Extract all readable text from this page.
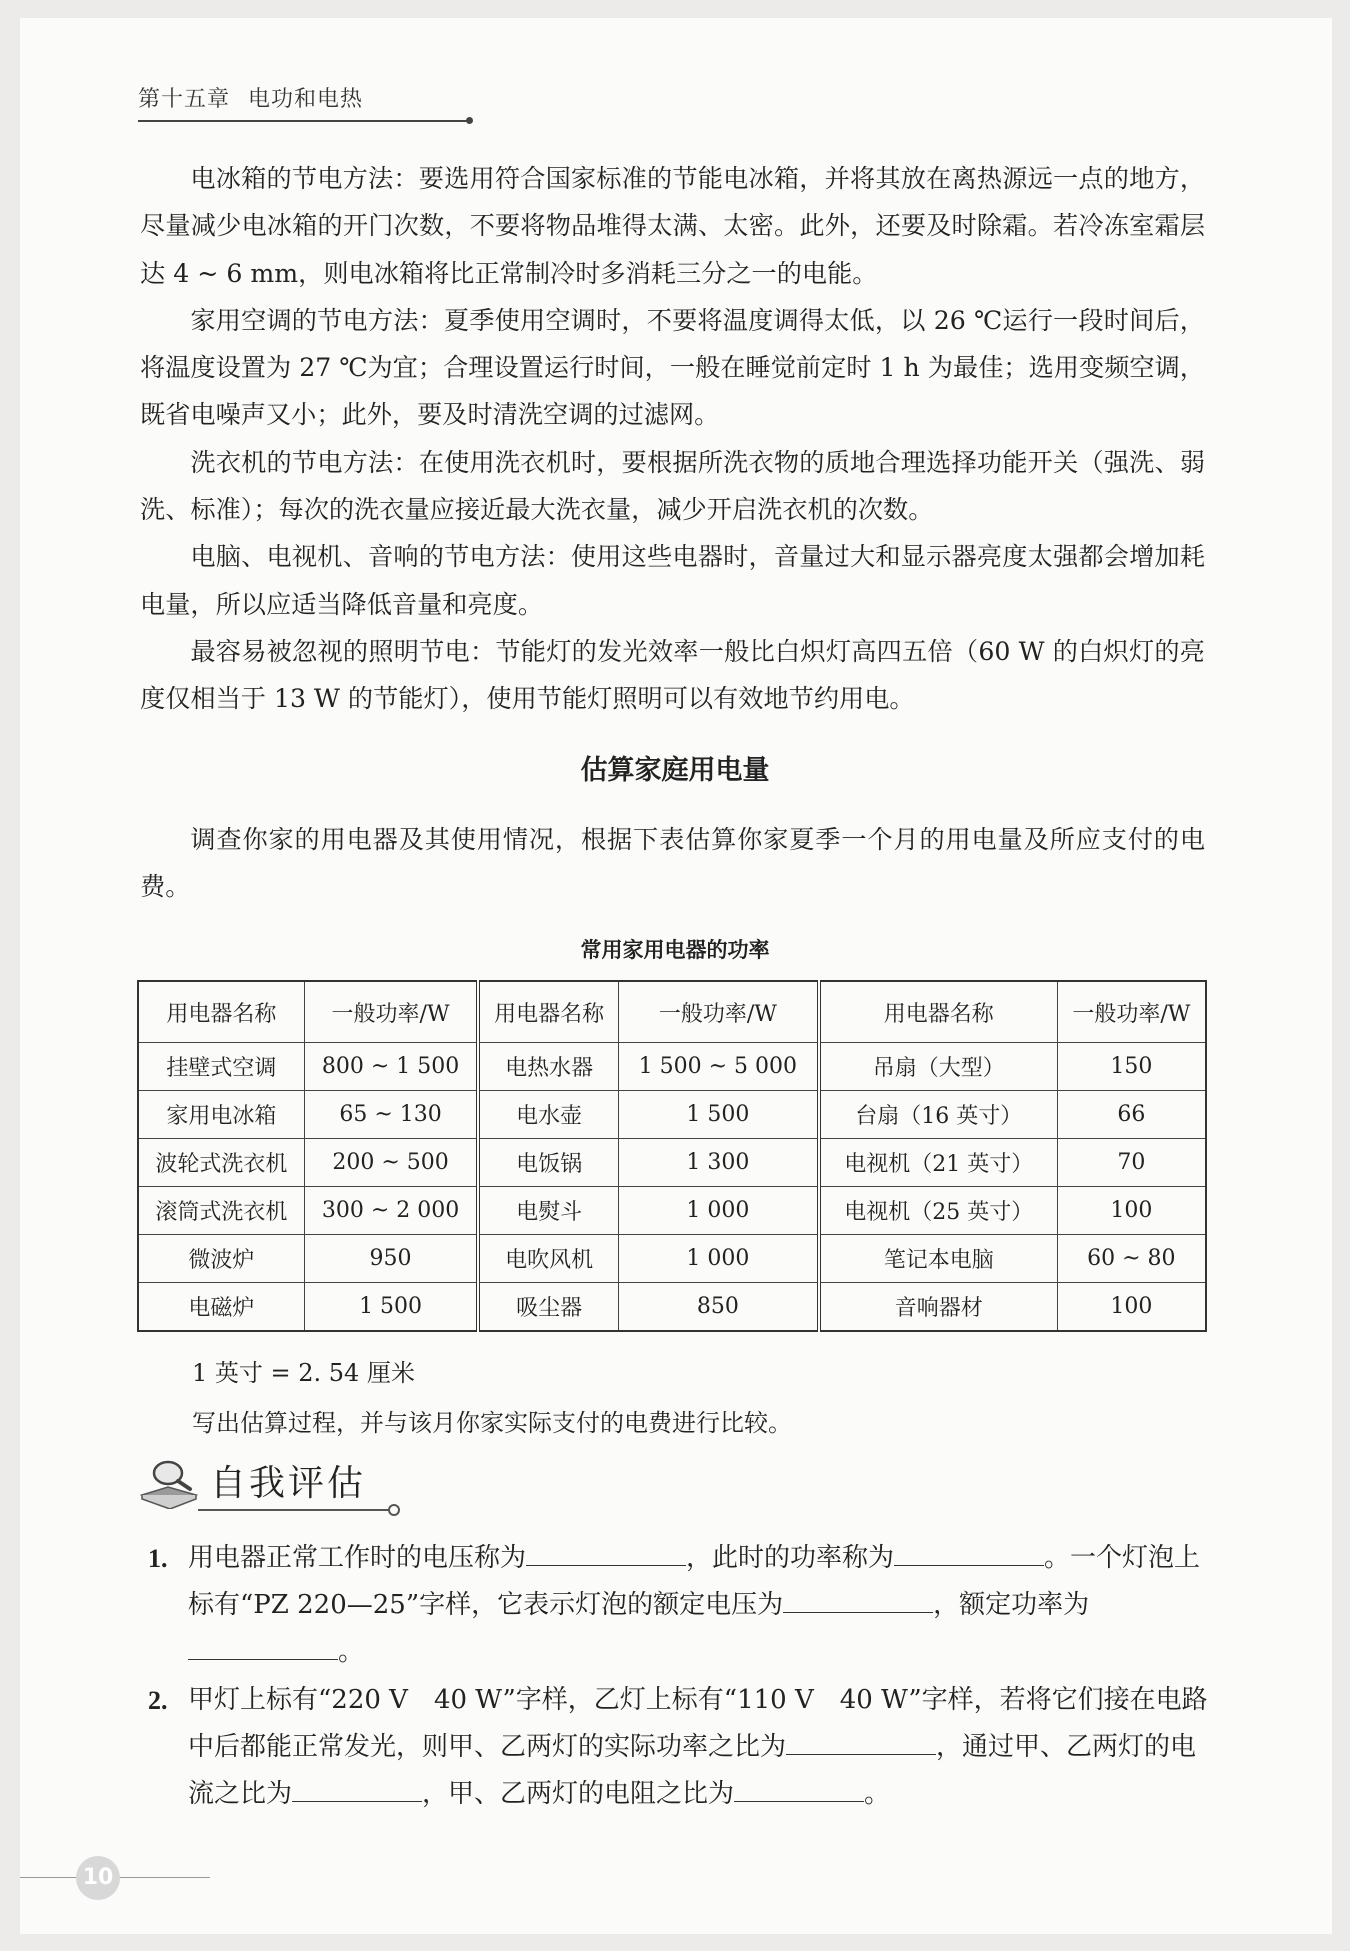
第十五章 电功和电热

电冰箱的节电方法：要选用符合国家标准的节能电冰箱，并将其放在离热源远一点的地方，尽量减少电冰箱的开门次数，不要将物品堆得太满、太密。此外，还要及时除霜。若冷冻室霜层达 4 ~ 6 mm，则电冰箱将比正常制冷时多消耗三分之一的电能。

家用空调的节电方法：夏季使用空调时，不要将温度调得太低，以 26 ℃运行一段时间后，将温度设置为 27 ℃为宜；合理设置运行时间，一般在睡觉前定时 1 h 为最佳；选用变频空调，既省电噪声又小；此外，要及时清洗空调的过滤网。

洗衣机的节电方法：在使用洗衣机时，要根据所洗衣物的质地合理选择功能开关（强洗、弱洗、标准）；每次的洗衣量应接近最大洗衣量，减少开启洗衣机的次数。

电脑、电视机、音响的节电方法：使用这些电器时，音量过大和显示器亮度太强都会增加耗电量，所以应适当降低音量和亮度。

最容易被忽视的照明节电：节能灯的发光效率一般比白炽灯高四五倍（60 W 的白炽灯的亮度仅相当于 13 W 的节能灯），使用节能灯照明可以有效地节约用电。

估算家庭用电量

调查你家的用电器及其使用情况，根据下表估算你家夏季一个月的用电量及所应支付的电费。

常用家用电器的功率
用电器名称	一般功率/W	用电器名称	一般功率/W	用电器名称	一般功率/W
挂壁式空调	800 ~ 1 500	电热水器	1 500 ~ 5 000	吊扇（大型）	150
家用电冰箱	65 ~ 130	电水壶	1 500	台扇（16 英寸）	66
波轮式洗衣机	200 ~ 500	电饭锅	1 300	电视机（21 英寸）	70
滚筒式洗衣机	300 ~ 2 000	电熨斗	1 000	电视机（25 英寸）	100
微波炉	950	电吹风机	1 000	笔记本电脑	60 ~ 80
电磁炉	1 500	吸尘器	850	音响器材	100
1 英寸 = 2. 54 厘米
写出估算过程，并与该月你家实际支付的电费进行比较。
自我评估
1. 用电器正常工作时的电压称为	，此时的功率称为	。一个灯泡上标有“PZ 220—25”字样，它表示灯泡的额定电压为	，额定功率为。
2. 甲灯上标有“220 V　40 W”字样，乙灯上标有“110 V　40 W”字样，若将它们接在电路中后都能正常发光，则甲、乙两灯的实际功率之比为	，通过甲、乙两灯的电流之比为	，甲、乙两灯的电阻之比为	。
10
